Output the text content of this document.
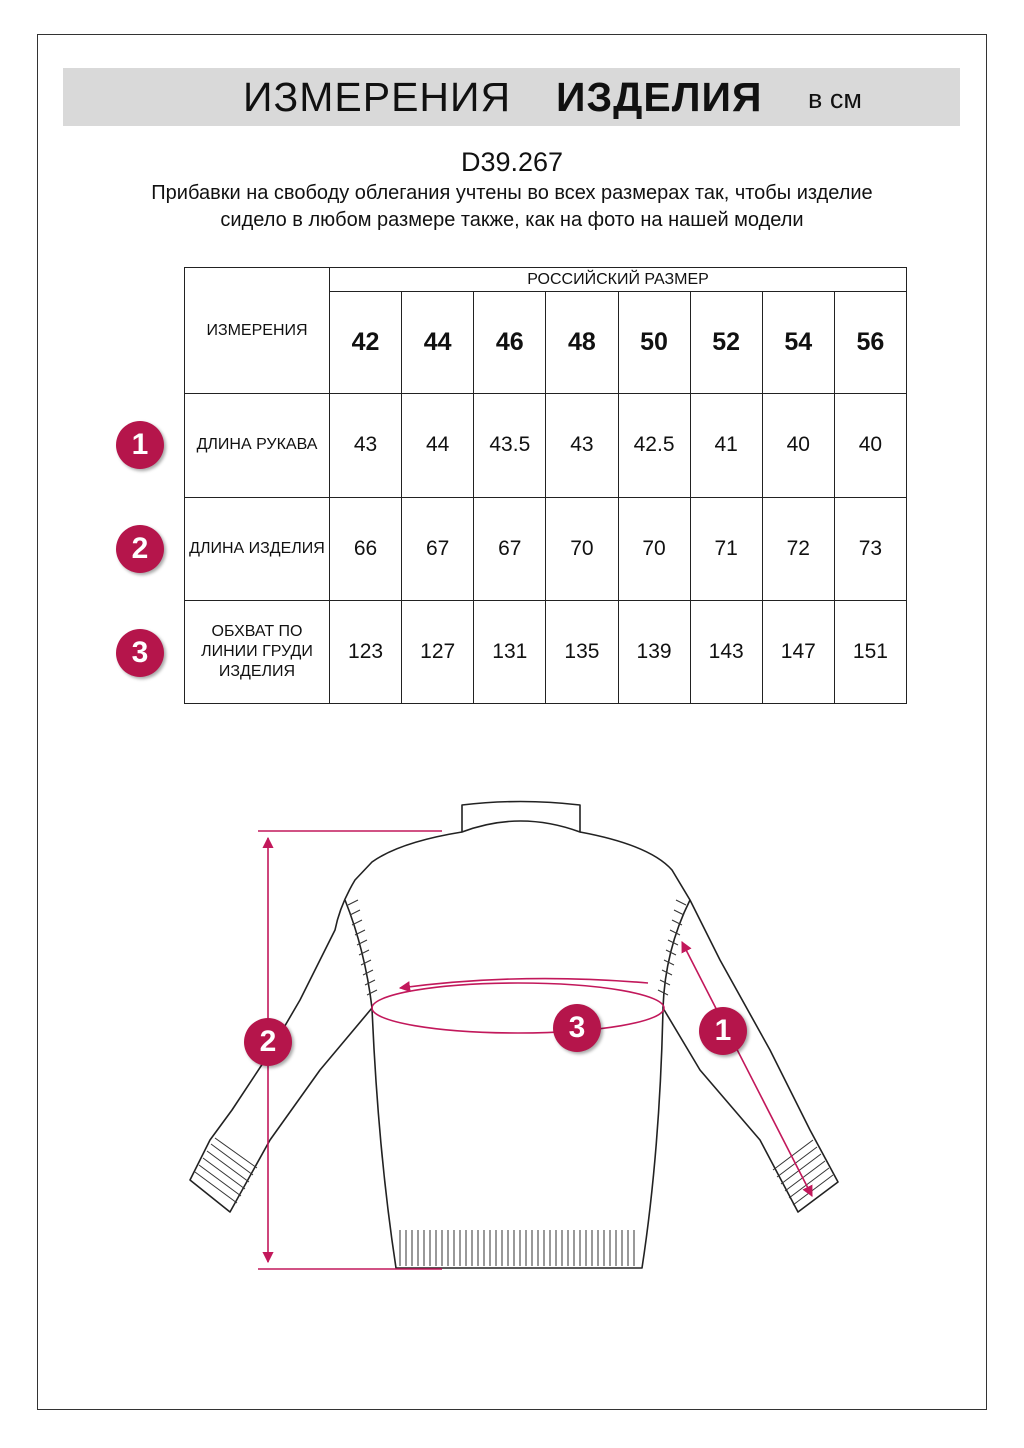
ИЗМЕРЕНИЯ ИЗДЕЛИЯ в см
D39.267
Прибавки на свободу облегания учтены во всех размерах так, чтобы изделие сидело в любом размере также, как на фото на нашей модели
ИЗМЕРЕНИЯ	РОССИЙСКИЙ РАЗМЕР							
	42	44	46	48	50	52	54	56
ДЛИНА РУКАВА	43	44	43.5	43	42.5	41	40	40
ДЛИНА ИЗДЕЛИЯ	66	67	67	70	70	71	72	73
ОБХВАТ ПО ЛИНИИ ГРУДИ ИЗДЕЛИЯ	123	127	131	135	139	143	147	151
1
2
3
2	3	1
